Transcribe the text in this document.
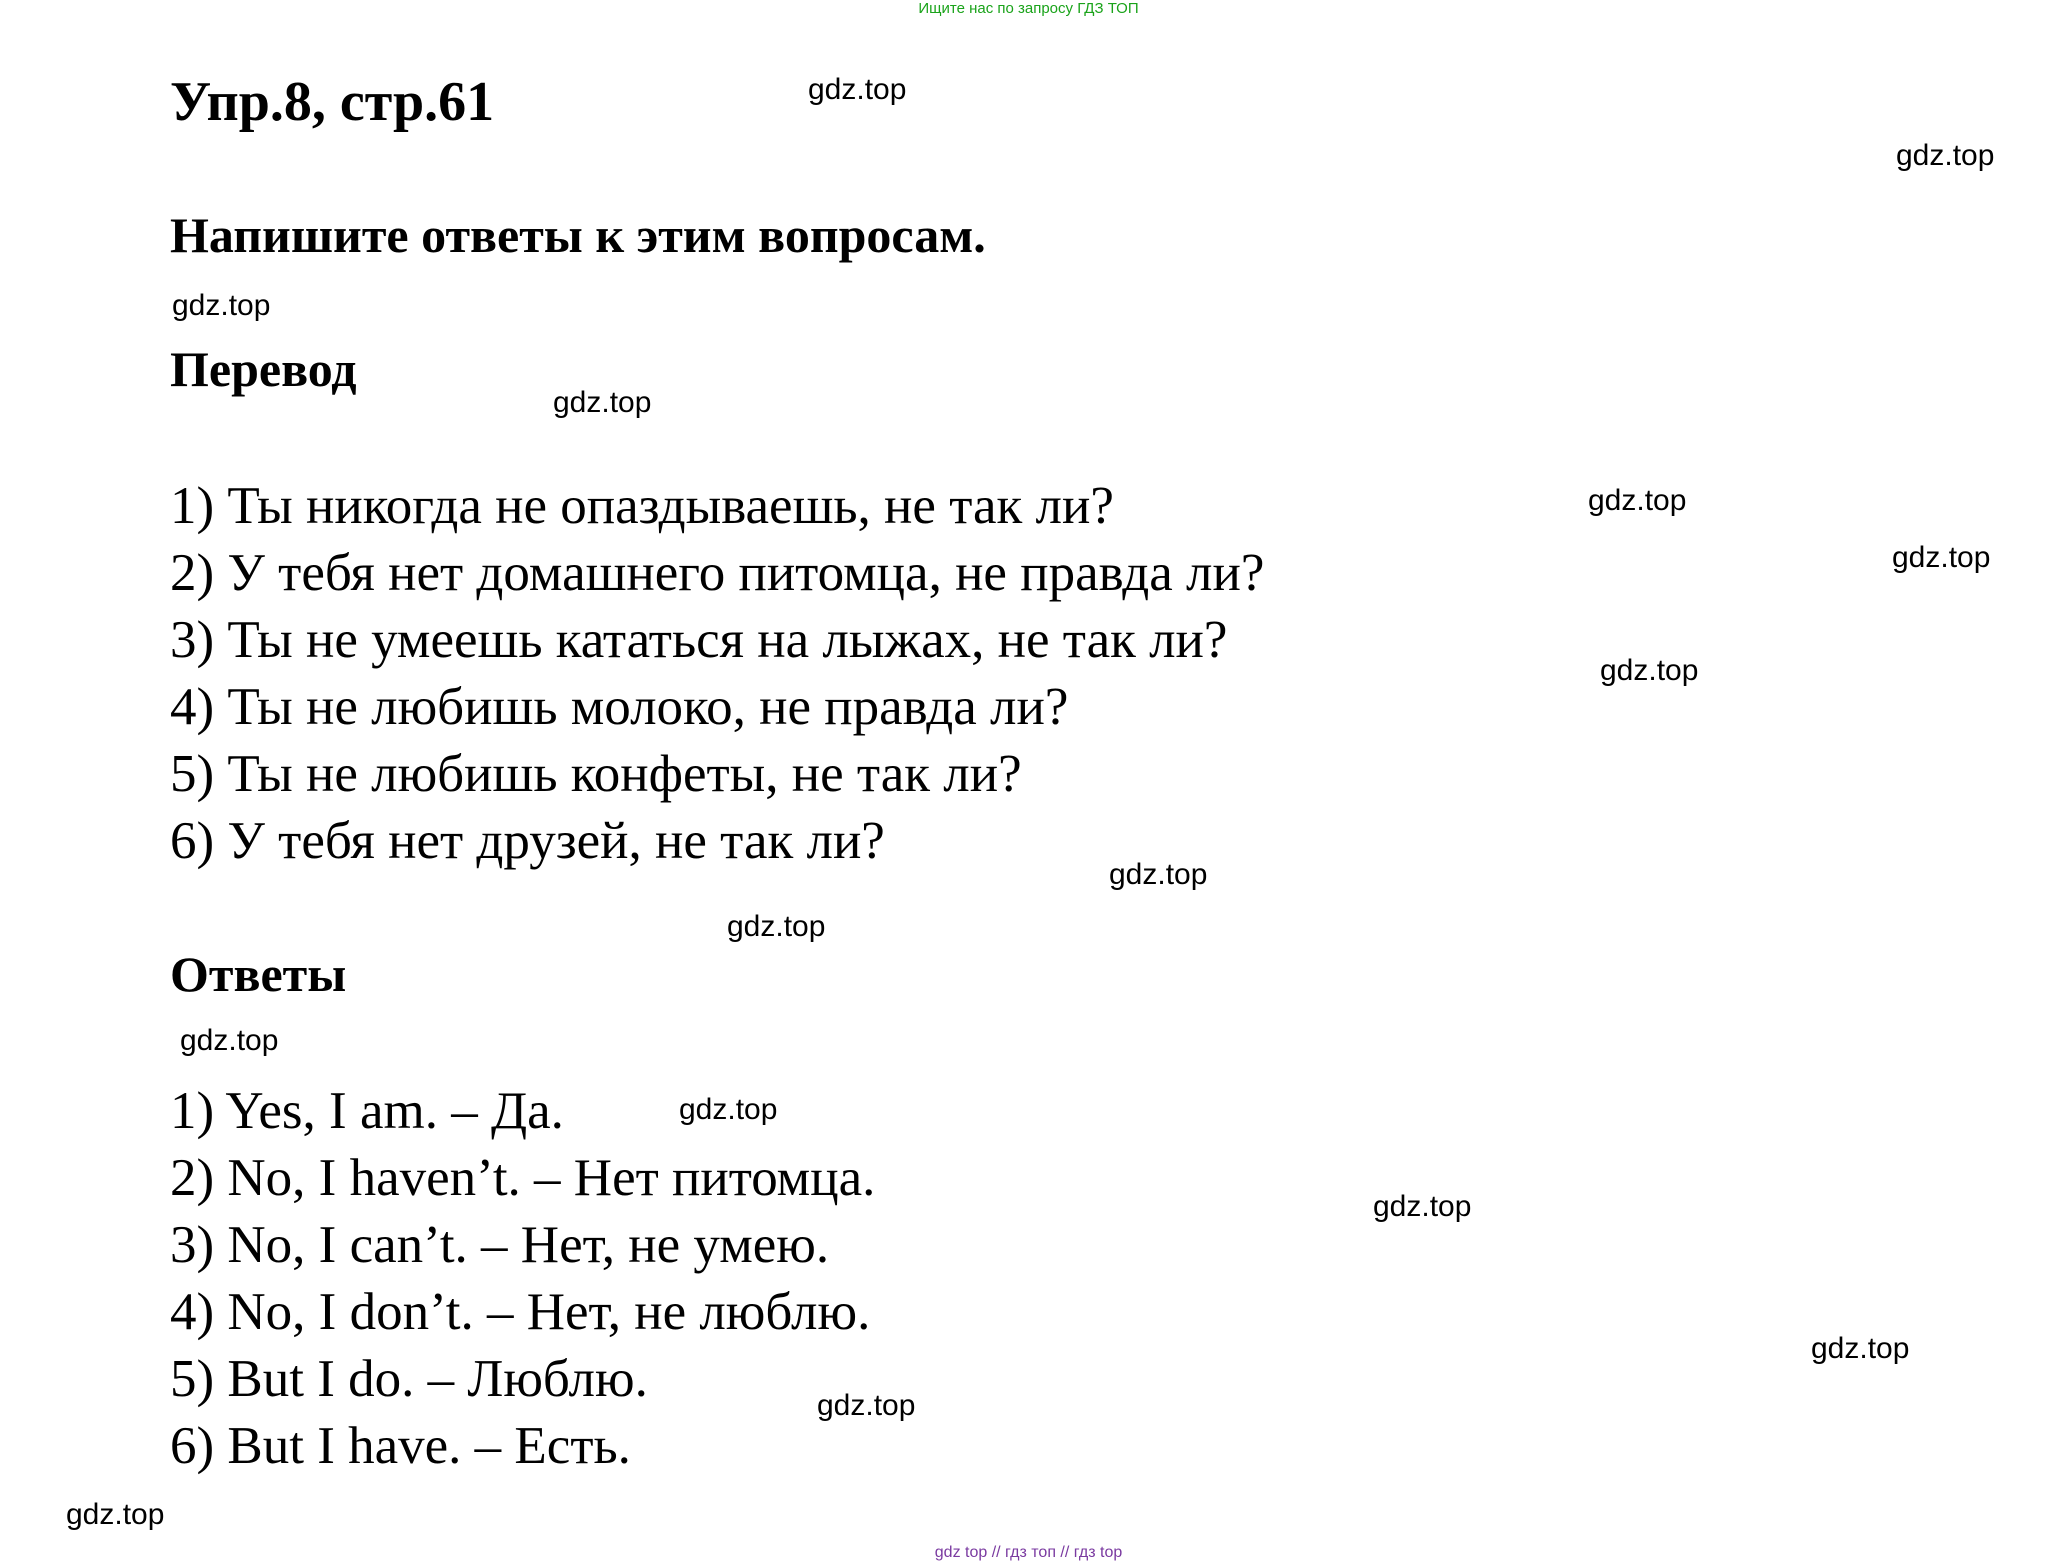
Ищите нас по запросу ГДЗ ТОП
Упр.8, стр.61
Напишите ответы к этим вопросам.
Перевод
1) Ты никогда не опаздываешь, не так ли?
2) У тебя нет домашнего питомца, не правда ли?
3) Ты не умеешь кататься на лыжах, не так ли?
4) Ты не любишь молоко, не правда ли?
5) Ты не любишь конфеты, не так ли?
6) У тебя нет друзей, не так ли?
Ответы
1) Yes, I am. – Да.
2) No, I haven’t. – Нет питомца.
3) No, I can’t. – Нет, не умею.
4) No, I don’t. – Нет, не люблю.
5) But I do. – Люблю.
6) But I have. – Есть.
gdz.top
gdz.top
gdz.top
gdz.top
gdz.top
gdz.top
gdz.top
gdz.top
gdz.top
gdz.top
gdz.top
gdz.top
gdz.top
gdz.top
gdz.top
gdz top // гдз топ // гдз top
